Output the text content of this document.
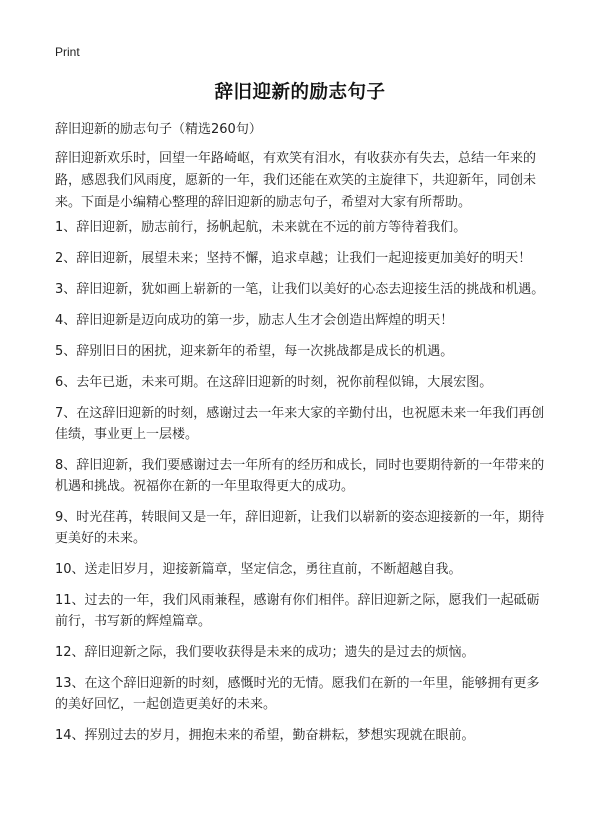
Print
辞旧迎新的励志句子

辞旧迎新的励志句子（精选260句）

辞旧迎新欢乐时，回望一年路崎岖，有欢笑有泪水，有收获亦有失去，总结一年来的路，感恩我们风雨度，愿新的一年，我们还能在欢笑的主旋律下，共迎新年，同创未来。下面是小编精心整理的辞旧迎新的励志句子，希望对大家有所帮助。

1、辞旧迎新，励志前行，扬帆起航，未来就在不远的前方等待着我们。
2、辞旧迎新，展望未来；坚持不懈，追求卓越；让我们一起迎接更加美好的明天！
3、辞旧迎新，犹如画上崭新的一笔，让我们以美好的心态去迎接生活的挑战和机遇。
4、辞旧迎新是迈向成功的第一步，励志人生才会创造出辉煌的明天！
5、辞别旧日的困扰，迎来新年的希望，每一次挑战都是成长的机遇。
6、去年已逝，未来可期。在这辞旧迎新的时刻，祝你前程似锦，大展宏图。
7、在这辞旧迎新的时刻，感谢过去一年来大家的辛勤付出，也祝愿未来一年我们再创佳绩，事业更上一层楼。
8、辞旧迎新，我们要感谢过去一年所有的经历和成长，同时也要期待新的一年带来的机遇和挑战。祝福你在新的一年里取得更大的成功。
9、时光荏苒，转眼间又是一年，辞旧迎新，让我们以崭新的姿态迎接新的一年，期待更美好的未来。
10、送走旧岁月，迎接新篇章，坚定信念，勇往直前，不断超越自我。
11、过去的一年，我们风雨兼程，感谢有你们相伴。辞旧迎新之际，愿我们一起砥砺前行，书写新的辉煌篇章。
12、辞旧迎新之际，我们要收获得是未来的成功；遗失的是过去的烦恼。
13、在这个辞旧迎新的时刻，感慨时光的无情。愿我们在新的一年里，能够拥有更多的美好回忆，一起创造更美好的未来。
14、挥别过去的岁月，拥抱未来的希望，勤奋耕耘，梦想实现就在眼前。
